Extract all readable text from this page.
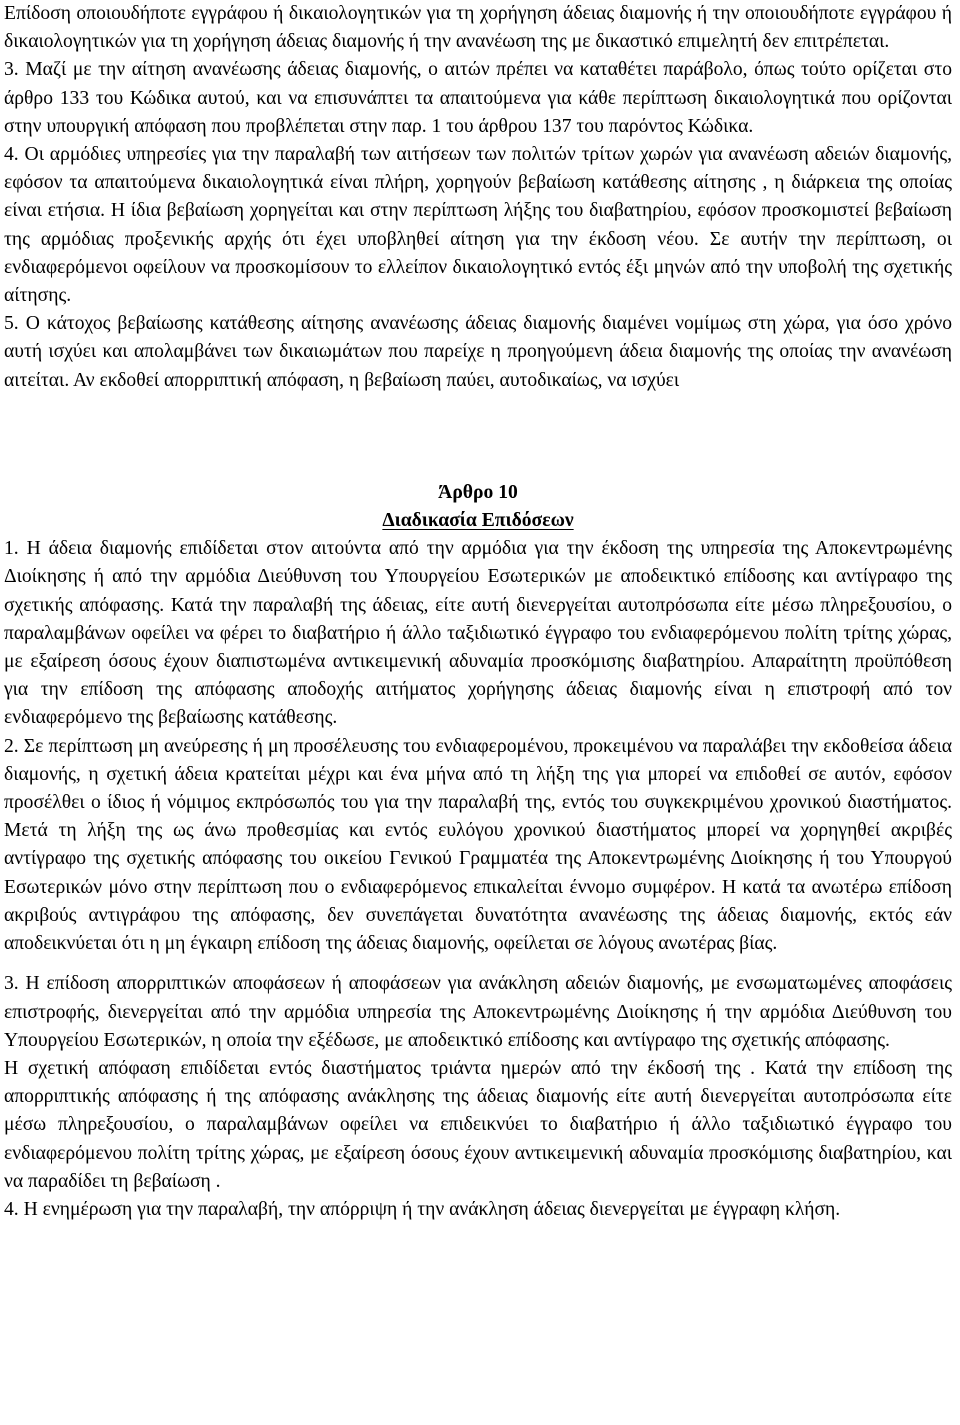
Επίδοση οποιουδήποτε εγγράφου ή δικαιολογητικών για τη χορήγηση άδειας διαμονής ή την οποιουδήποτε εγγράφου ή δικαιολογητικών για τη χορήγηση άδειας διαμονής ή την ανανέωση της με δικαστικό επιμελητή δεν επιτρέπεται.

3. Μαζί με την αίτηση ανανέωσης άδειας διαμονής, ο αιτών πρέπει να καταθέτει παράβολο, όπως τούτο ορίζεται στο άρθρο 133 του Κώδικα αυτού, και να επισυνάπτει τα απαιτούμενα για κάθε περίπτωση δικαιολογητικά που ορίζονται στην υπουργική απόφαση που προβλέπεται στην παρ. 1 του άρθρου 137 του παρόντος Κώδικα.

4. Οι αρμόδιες υπηρεσίες για την παραλαβή των αιτήσεων των πολιτών τρίτων χωρών για ανανέωση αδειών διαμονής, εφόσον τα απαιτούμενα δικαιολογητικά είναι πλήρη, χορηγούν βεβαίωση κατάθεσης αίτησης , η διάρκεια της οποίας είναι ετήσια. Η ίδια βεβαίωση χορηγείται και στην περίπτωση λήξης του διαβατηρίου, εφόσον προσκομιστεί βεβαίωση της αρμόδιας προξενικής αρχής ότι έχει υποβληθεί αίτηση για την έκδοση νέου. Σε αυτήν την περίπτωση, οι ενδιαφερόμενοι οφείλουν να προσκομίσουν το ελλείπον δικαιολογητικό εντός έξι μηνών από την υποβολή της σχετικής αίτησης.

5. Ο κάτοχος βεβαίωσης κατάθεσης αίτησης ανανέωσης άδειας διαμονής διαμένει νομίμως στη χώρα, για όσο χρόνο αυτή ισχύει και απολαμβάνει των δικαιωμάτων που παρείχε η προηγούμενη άδεια διαμονής της οποίας την ανανέωση αιτείται. Αν εκδοθεί απορριπτική απόφαση, η βεβαίωση παύει, αυτοδικαίως, να ισχύει

Άρθρο 10

Διαδικασία Επιδόσεων

1. Η άδεια διαμονής επιδίδεται στον αιτούντα από την αρμόδια για την έκδοση της υπηρεσία της Αποκεντρωμένης Διοίκησης ή από την αρμόδια Διεύθυνση του Υπουργείου Εσωτερικών με αποδεικτικό επίδοσης και αντίγραφο της σχετικής απόφασης. Κατά την παραλαβή της άδειας, είτε αυτή διενεργείται αυτοπρόσωπα είτε μέσω πληρεξουσίου, ο παραλαμβάνων οφείλει να φέρει το διαβατήριο ή άλλο ταξιδιωτικό έγγραφο του ενδιαφερόμενου πολίτη τρίτης χώρας, με εξαίρεση όσους έχουν διαπιστωμένα αντικειμενική αδυναμία προσκόμισης διαβατηρίου. Απαραίτητη προϋπόθεση για την επίδοση της απόφασης αποδοχής αιτήματος χορήγησης άδειας διαμονής είναι η επιστροφή από τον ενδιαφερόμενο της βεβαίωσης κατάθεσης.

2. Σε περίπτωση μη ανεύρεσης ή μη προσέλευσης του ενδιαφερομένου, προκειμένου να παραλάβει την εκδοθείσα άδεια διαμονής, η σχετική άδεια κρατείται μέχρι και ένα μήνα από τη λήξη της για μπορεί να επιδοθεί σε αυτόν, εφόσον προσέλθει ο ίδιος ή νόμιμος εκπρόσωπός του για την παραλαβή της, εντός του συγκεκριμένου χρονικού διαστήματος. Μετά τη λήξη της ως άνω προθεσμίας και εντός ευλόγου χρονικού διαστήματος μπορεί να χορηγηθεί ακριβές αντίγραφο της σχετικής απόφασης του οικείου Γενικού Γραμματέα της Αποκεντρωμένης Διοίκησης ή του Υπουργού Εσωτερικών μόνο στην περίπτωση που ο ενδιαφερόμενος επικαλείται έννομο συμφέρον. Η κατά τα ανωτέρω επίδοση ακριβούς αντιγράφου της απόφασης, δεν συνεπάγεται δυνατότητα ανανέωσης της άδειας διαμονής, εκτός εάν αποδεικνύεται ότι η μη έγκαιρη επίδοση της άδειας διαμονής, οφείλεται σε λόγους ανωτέρας βίας.

3. Η επίδοση απορριπτικών αποφάσεων ή αποφάσεων για ανάκληση αδειών διαμονής, με ενσωματωμένες αποφάσεις επιστροφής, διενεργείται από την αρμόδια υπηρεσία της Αποκεντρωμένης Διοίκησης ή την αρμόδια Διεύθυνση του Υπουργείου Εσωτερικών, η οποία την εξέδωσε, με αποδεικτικό επίδοσης και αντίγραφο της σχετικής απόφασης.

Η σχετική απόφαση επιδίδεται εντός διαστήματος τριάντα ημερών από την έκδοσή της . Κατά την επίδοση της απορριπτικής απόφασης ή της απόφασης ανάκλησης της άδειας διαμονής είτε αυτή διενεργείται αυτοπρόσωπα είτε μέσω πληρεξουσίου, ο παραλαμβάνων οφείλει να επιδεικνύει το διαβατήριο ή άλλο ταξιδιωτικό έγγραφο του ενδιαφερόμενου πολίτη τρίτης χώρας, με εξαίρεση όσους έχουν αντικειμενική αδυναμία προσκόμισης διαβατηρίου, και να παραδίδει τη βεβαίωση .

4. Η ενημέρωση για την παραλαβή, την απόρριψη ή την ανάκληση άδειας διενεργείται με έγγραφη κλήση.
